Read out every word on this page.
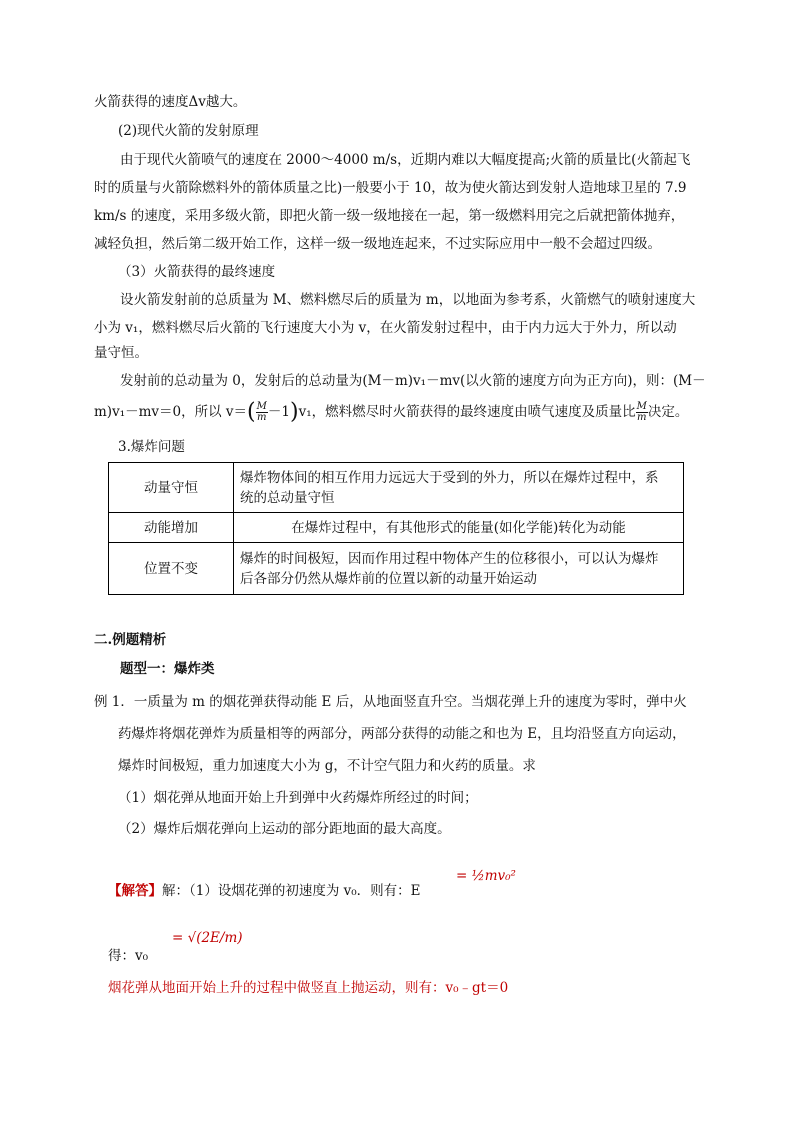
火箭获得的速度Δv越大。
(2)现代火箭的发射原理
由于现代火箭喷气的速度在 2000～4000 m/s，近期内难以大幅度提高;火箭的质量比(火箭起飞
时的质量与火箭除燃料外的箭体质量之比)一般要小于 10，故为使火箭达到发射人造地球卫星的 7.9
km/s 的速度，采用多级火箭，即把火箭一级一级地接在一起，第一级燃料用完之后就把箭体抛弃，
减轻负担，然后第二级开始工作，这样一级一级地连起来，不过实际应用中一般不会超过四级。
（3）火箭获得的最终速度
设火箭发射前的总质量为 M、燃料燃尽后的质量为 m，以地面为参考系，火箭燃气的喷射速度大
小为 v₁，燃料燃尽后火箭的飞行速度大小为 v，在火箭发射过程中，由于内力远大于外力，所以动
量守恒。
发射前的总动量为 0，发射后的总动量为(M－m)v₁－mv(以火箭的速度方向为正方向)，则：(M－
m)v₁－mv＝0，所以 $v=( \frac{M}{m} -1)v_1$，燃料燃尽时火箭获得的最终速度由喷气速度及质量比 $\frac{M}{m}$ 决定。
3.爆炸问题
动量守恒	爆炸物体间的相互作用力远远大于受到的外力，所以在爆炸过程中，系
统的总动量守恒
动能增加	在爆炸过程中，有其他形式的能量(如化学能)转化为动能
位置不变	爆炸的时间极短，因而作用过程中物体产生的位移很小，可以认为爆炸
后各部分仍然从爆炸前的位置以新的动量开始运动
二.例题精析
题型一：爆炸类
例 1．一质量为 m 的烟花弹获得动能 E 后，从地面竖直升空。当烟花弹上升的速度为零时，弹中火
药爆炸将烟花弹炸为质量相等的两部分，两部分获得的动能之和也为 E，且均沿竖直方向运动，
爆炸时间极短，重力加速度大小为 g，不计空气阻力和火药的质量。求
（1）烟花弹从地面开始上升到弹中火药爆炸所经过的时间；
（2）爆炸后烟花弹向上运动的部分距地面的最大高度。
【解答】解：（1）设烟花弹的初速度为 v₀．则有：E
= ½mv₀²
得：v₀
= √(2E/m)
烟花弹从地面开始上升的过程中做竖直上抛运动，则有：v₀﹣gt＝0
